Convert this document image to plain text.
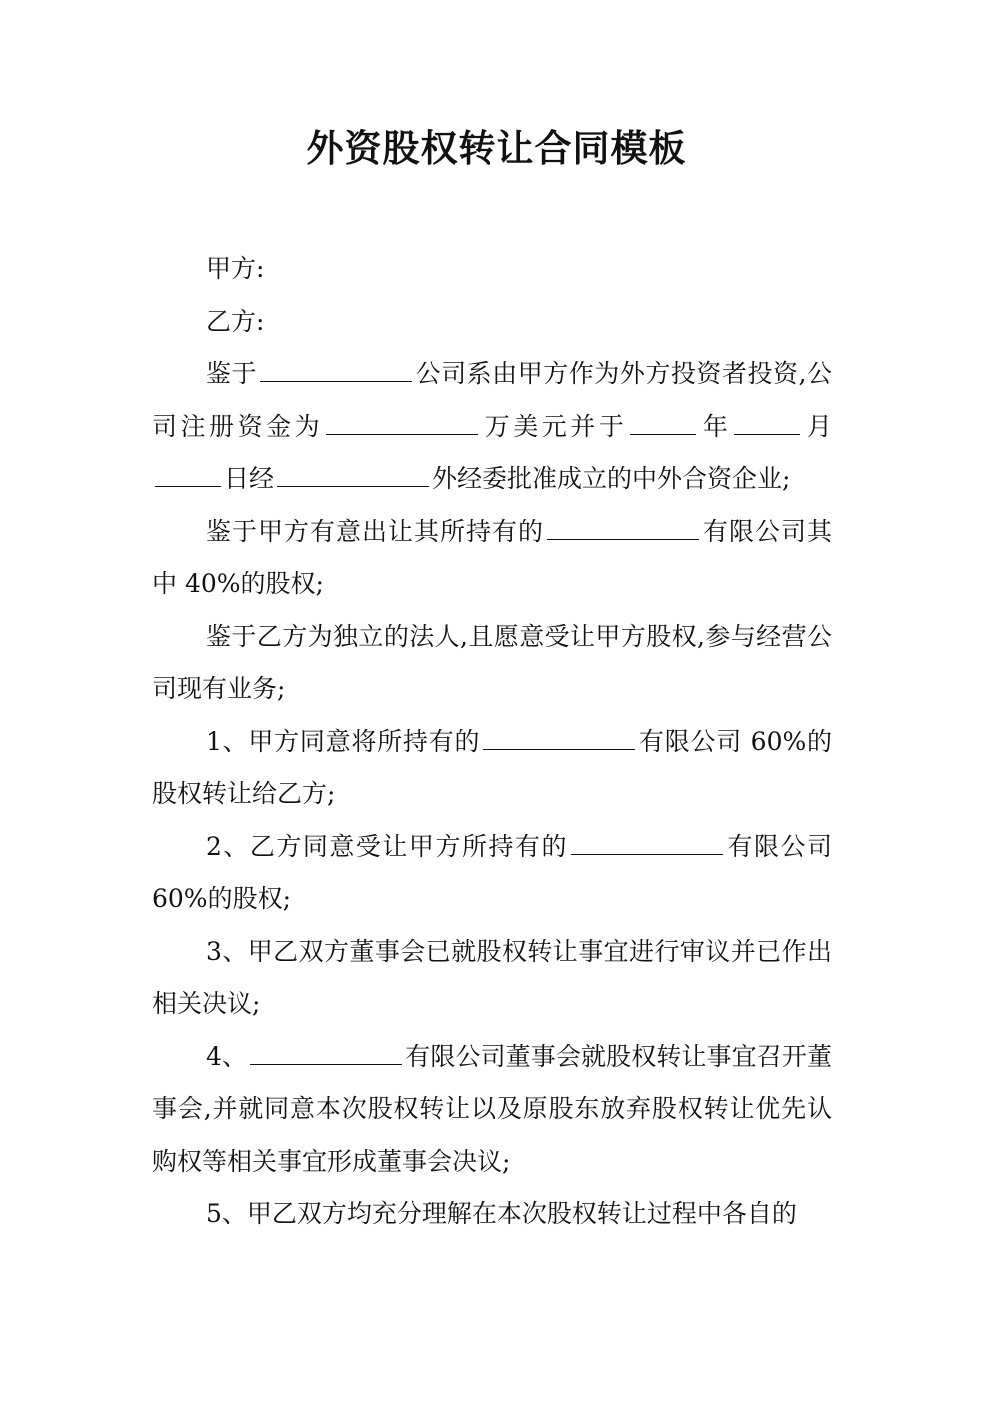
外资股权转让合同模板

甲方:

乙方:

鉴于	公司系由甲方作为外方投资者投资,公司注册资金为	万美元并于	年	月日经	外经委批准成立的中外合资企业;

鉴于甲方有意出让其所持有的	有限公司其中 40%的股权;

鉴于乙方为独立的法人,且愿意受让甲方股权,参与经营公司现有业务;

1、甲方同意将所持有的	有限公司 60%的股权转让给乙方;

2、乙方同意受让甲方所持有的	有限公司60%的股权;

3、甲乙双方董事会已就股权转让事宜进行审议并已作出相关决议;

4、	有限公司董事会就股权转让事宜召开董事会,并就同意本次股权转让以及原股东放弃股权转让优先认购权等相关事宜形成董事会决议;

5、甲乙双方均充分理解在本次股权转让过程中各自的
